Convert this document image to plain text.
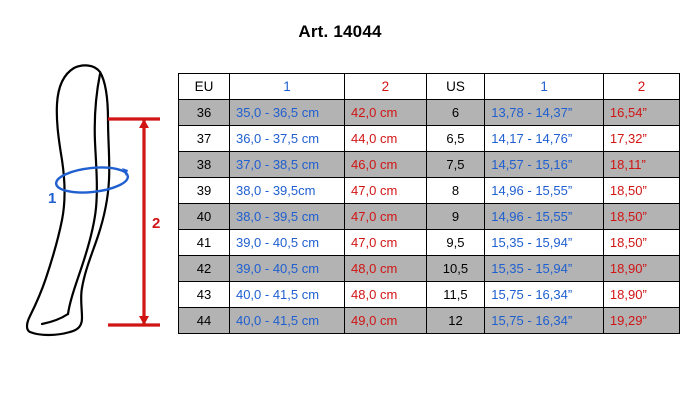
Art. 14044
1
2
EU	1	2	US	1	2
36	35,0 - 36,5 cm	42,0 cm	6	13,78 - 14,37”	16,54”
37	36,0 - 37,5 cm	44,0 cm	6,5	14,17 - 14,76”	17,32”
38	37,0 - 38,5 cm	46,0 cm	7,5	14,57 - 15,16”	18,11”
39	38,0 - 39,5cm	47,0 cm	8	14,96 - 15,55”	18,50”
40	38,0 - 39,5 cm	47,0 cm	9	14,96 - 15,55”	18,50”
41	39,0 - 40,5 cm	47,0 cm	9,5	15,35 - 15,94”	18,50”
42	39,0 - 40,5 cm	48,0 cm	10,5	15,35 - 15,94”	18,90”
43	40,0 - 41,5 cm	48,0 cm	11,5	15,75 - 16,34”	18,90”
44	40,0 - 41,5 cm	49,0 cm	12	15,75 - 16,34”	19,29”
